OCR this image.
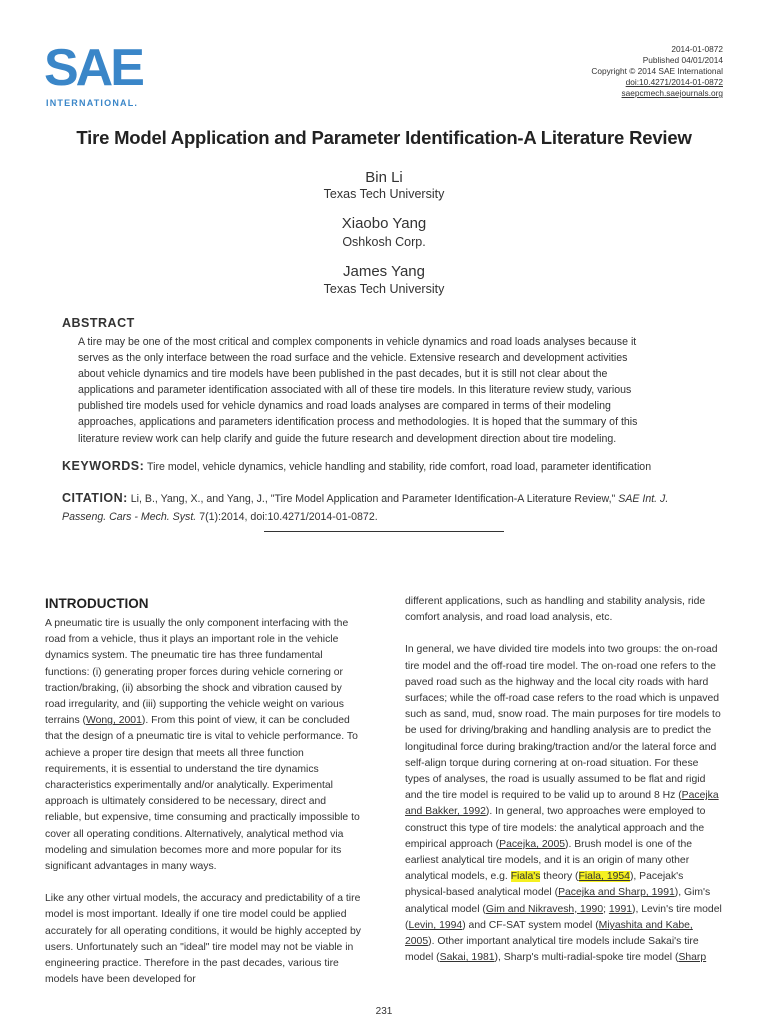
SAE
INTERNATIONAL.
2014-01-0872
Published 04/01/2014
Copyright © 2014 SAE International
doi:10.4271/2014-01-0872
saepcmech.saejournals.org
Tire Model Application and Parameter Identification-A Literature Review
Bin Li
Texas Tech University
Xiaobo Yang
Oshkosh Corp.
James Yang
Texas Tech University
ABSTRACT
A tire may be one of the most critical and complex components in vehicle dynamics and road loads analyses because it
serves as the only interface between the road surface and the vehicle. Extensive research and development activities
about vehicle dynamics and tire models have been published in the past decades, but it is still not clear about the
applications and parameter identification associated with all of these tire models. In this literature review study, various
published tire models used for vehicle dynamics and road loads analyses are compared in terms of their modeling
approaches, applications and parameters identification process and methodologies. It is hoped that the summary of this
literature review work can help clarify and guide the future research and development direction about tire modeling.
KEYWORDS: Tire model, vehicle dynamics, vehicle handling and stability, ride comfort, road load, parameter identification
CITATION: Li, B., Yang, X., and Yang, J., "Tire Model Application and Parameter Identification-A Literature Review," SAE Int. J.
Passeng. Cars - Mech. Syst. 7(1):2014, doi:10.4271/2014-01-0872.
INTRODUCTION

A pneumatic tire is usually the only component interfacing with the road from a vehicle, thus it plays an important role in the vehicle dynamics system. The pneumatic tire has three fundamental functions: (i) generating proper forces during vehicle cornering or traction/braking, (ii) absorbing the shock and vibration caused by road irregularity, and (iii) supporting the vehicle weight on various terrains (Wong, 2001). From this point of view, it can be concluded that the design of a pneumatic tire is vital to vehicle performance. To achieve a proper tire design that meets all three function requirements, it is essential to understand the tire dynamics characteristics experimentally and/or analytically. Experimental approach is ultimately considered to be necessary, direct and reliable, but expensive, time consuming and practically impossible to cover all operating conditions. Alternatively, analytical method via modeling and simulation becomes more and more popular for its significant advantages in many ways.

Like any other virtual models, the accuracy and predictability of a tire model is most important. Ideally if one tire model could be applied accurately for all operating conditions, it would be highly accepted by users. Unfortunately such an "ideal" tire model may not be viable in engineering practice. Therefore in the past decades, various tire models have been developed for

different applications, such as handling and stability analysis, ride comfort analysis, and road load analysis, etc.

In general, we have divided tire models into two groups: the on-road tire model and the off-road tire model. The on-road one refers to the paved road such as the highway and the local city roads with hard surfaces; while the off-road case refers to the road which is unpaved such as sand, mud, snow road. The main purposes for tire models to be used for driving/braking and handling analysis are to predict the longitudinal force during braking/traction and/or the lateral force and self-align torque during cornering at on-road situation. For these types of analyses, the road is usually assumed to be flat and rigid and the tire model is required to be valid up to around 8 Hz (Pacejka and Bakker, 1992). In general, two approaches were employed to construct this type of tire models: the analytical approach and the empirical approach (Pacejka, 2005). Brush model is one of the earliest analytical tire models, and it is an origin of many other analytical models, e.g. Fiala's theory (Fiala, 1954), Pacejak's physical-based analytical model (Pacejka and Sharp, 1991), Gim's analytical model (Gim and Nikravesh, 1990; 1991), Levin's tire model (Levin, 1994) and CF-SAT system model (Miyashita and Kabe, 2005). Other important analytical tire models include Sakai's tire model (Sakai, 1981), Sharp's multi-radial-spoke tire model (Sharp

231
